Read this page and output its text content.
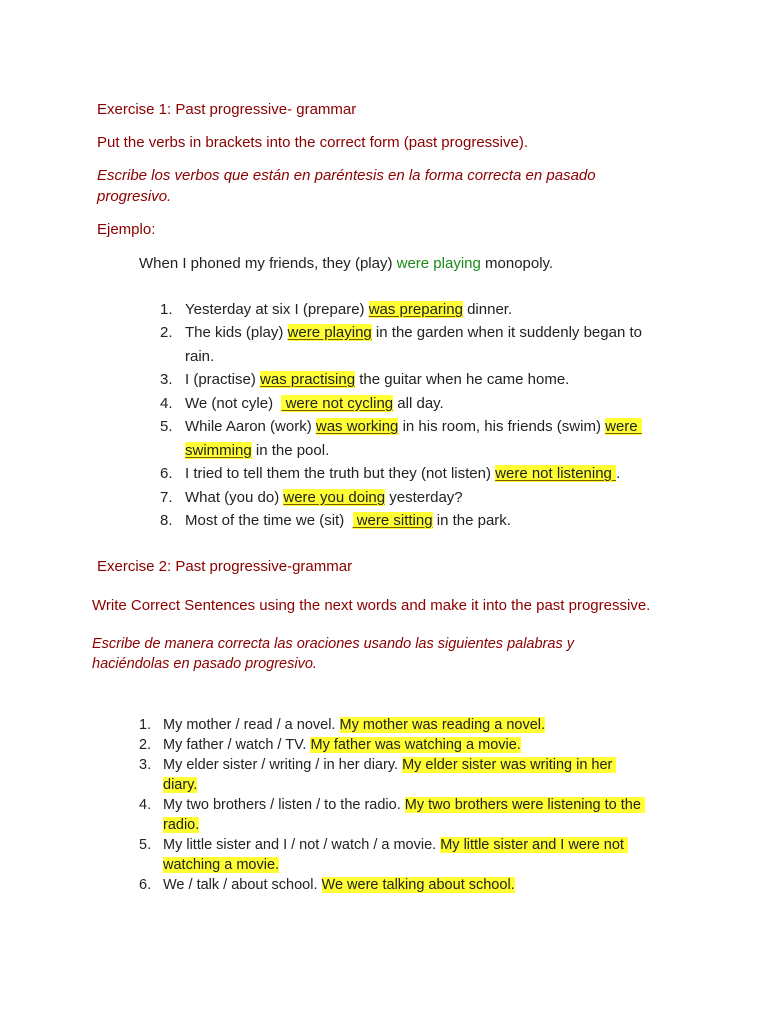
Exercise 1: Past progressive- grammar
Put the verbs in brackets into the correct form (past progressive).
Escribe los verbos que están en paréntesis en la forma correcta en pasado progresivo.
Ejemplo:
When I phoned my friends, they (play) were playing monopoly.
1. Yesterday at six I (prepare) was preparing dinner.
2. The kids (play) were playing in the garden when it suddenly began to rain.
3. I (practise) was practising the guitar when he came home.
4. We (not cyle)   were not cycling all day.
5. While Aaron (work) was working in his room, his friends (swim) were swimming in the pool.
6. I tried to tell them the truth but they (not listen) were not listening .
7. What (you do) were you doing yesterday?
8. Most of the time we (sit)   were sitting in the park.
Exercise 2: Past progressive-grammar
Write Correct Sentences using the next words and make it into the past progressive.
Escribe de manera correcta las oraciones usando las siguientes palabras y haciéndolas en pasado progresivo.
1. My mother / read / a novel. My mother was reading a novel.
2. My father / watch / TV. My father was watching a movie.
3. My elder sister / writing / in her diary. My elder sister was writing in her diary.
4. My two brothers / listen / to the radio. My two brothers were listening to the radio.
5. My little sister and I / not / watch / a movie. My little sister and I were not watching a movie.
6. We / talk / about school. We were talking about school.
